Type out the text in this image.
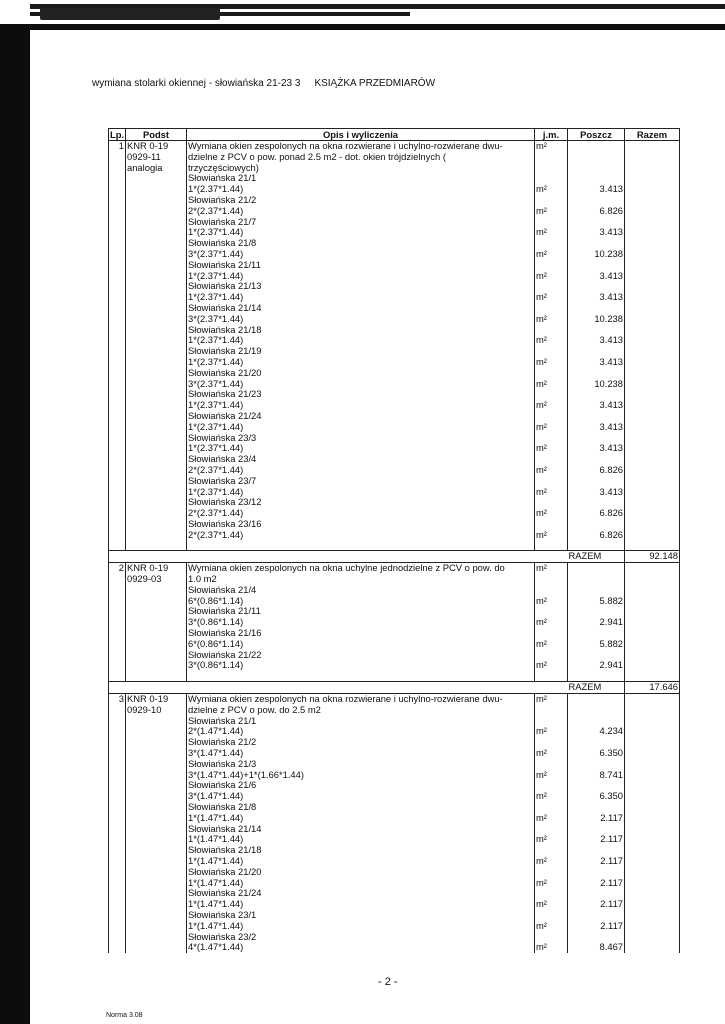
wymiana stolarki okiennej - słowiańska 21-23 3 KSIĄŻKA PRZEDMIARÓW
Lp.	Podst	Opis i wyliczenia	j.m.	Poszcz	Razem
1	KNR 0-19	Wymiana okien zespolonych na okna rozwierane i uchylno-rozwierane dwu-	m²		
	0929-11	dzielne z PCV o pow. ponad 2.5 m2 - dot. okien trójdzielnych (			
	analogia	trzyczęściowych)			
		Słowiańska 21/1			
		1*(2.37*1.44)	m²	3.413	
		Słowiańska 21/2			
		2*(2.37*1.44)	m²	6.826	
		Słowiańska 21/7			
		1*(2.37*1.44)	m²	3.413	
		Słowiańska 21/8			
		3*(2.37*1.44)	m²	10.238	
		Słowiańska 21/11			
		1*(2.37*1.44)	m²	3.413	
		Słowiańska 21/13			
		1*(2.37*1.44)	m²	3.413	
		Słowiańska 21/14			
		3*(2.37*1.44)	m²	10.238	
		Słowiańska 21/18			
		1*(2.37*1.44)	m²	3.413	
		Słowiańska 21/19			
		1*(2.37*1.44)	m²	3.413	
		Słowiańska 21/20			
		3*(2.37*1.44)	m²	10.238	
		Słowiańska 21/23			
		1*(2.37*1.44)	m²	3.413	
		Słowiańska 21/24			
		1*(2.37*1.44)	m²	3.413	
		Słowiańska 23/3			
		1*(2.37*1.44)	m²	3.413	
		Słowiańska 23/4			
		2*(2.37*1.44)	m²	6.826	
		Słowiańska 23/7			
		1*(2.37*1.44)	m²	3.413	
		Słowiańska 23/12			
		2*(2.37*1.44)	m²	6.826	
		Słowiańska 23/16			
		2*(2.37*1.44)	m²	6.826	

				RAZEM	92.148
2	KNR 0-19	Wymiana okien zespolonych na okna uchylne jednodzielne z PCV o pow. do	m²		
	0929-03	1.0 m2			
		Słowiańska 21/4			
		6*(0.86*1.14)	m²	5.882	
		Słowiańska 21/11			
		3*(0.86*1.14)	m²	2.941	
		Słowiańska 21/16			
		6*(0.86*1.14)	m²	5.882	
		Słowiańska 21/22			
		3*(0.86*1.14)	m²	2.941	

				RAZEM	17.646
3	KNR 0-19	Wymiana okien zespolonych na okna rozwierane i uchylno-rozwierane dwu-	m²		
	0929-10	dzielne z PCV o pow. do 2.5 m2			
		Słowiańska 21/1			
		2*(1.47*1.44)	m²	4.234	
		Słowiańska 21/2			
		3*(1.47*1.44)	m²	6.350	
		Słowiańska 21/3			
		3*(1.47*1.44)+1*(1.66*1.44)	m²	8.741	
		Słowiańska 21/6			
		3*(1.47*1.44)	m²	6.350	
		Słowiańska 21/8			
		1*(1.47*1.44)	m²	2.117	
		Słowiańska 21/14			
		1*(1.47*1.44)	m²	2.117	
		Słowiańska 21/18			
		1*(1.47*1.44)	m²	2.117	
		Słowiańska 21/20			
		1*(1.47*1.44)	m²	2.117	
		Słowiańska 21/24			
		1*(1.47*1.44)	m²	2.117	
		Słowiańska 23/1			
		1*(1.47*1.44)	m²	2.117	
		Słowiańska 23/2			
		4*(1.47*1.44)	m²	8.467	
- 2 -
Norma 3.08
